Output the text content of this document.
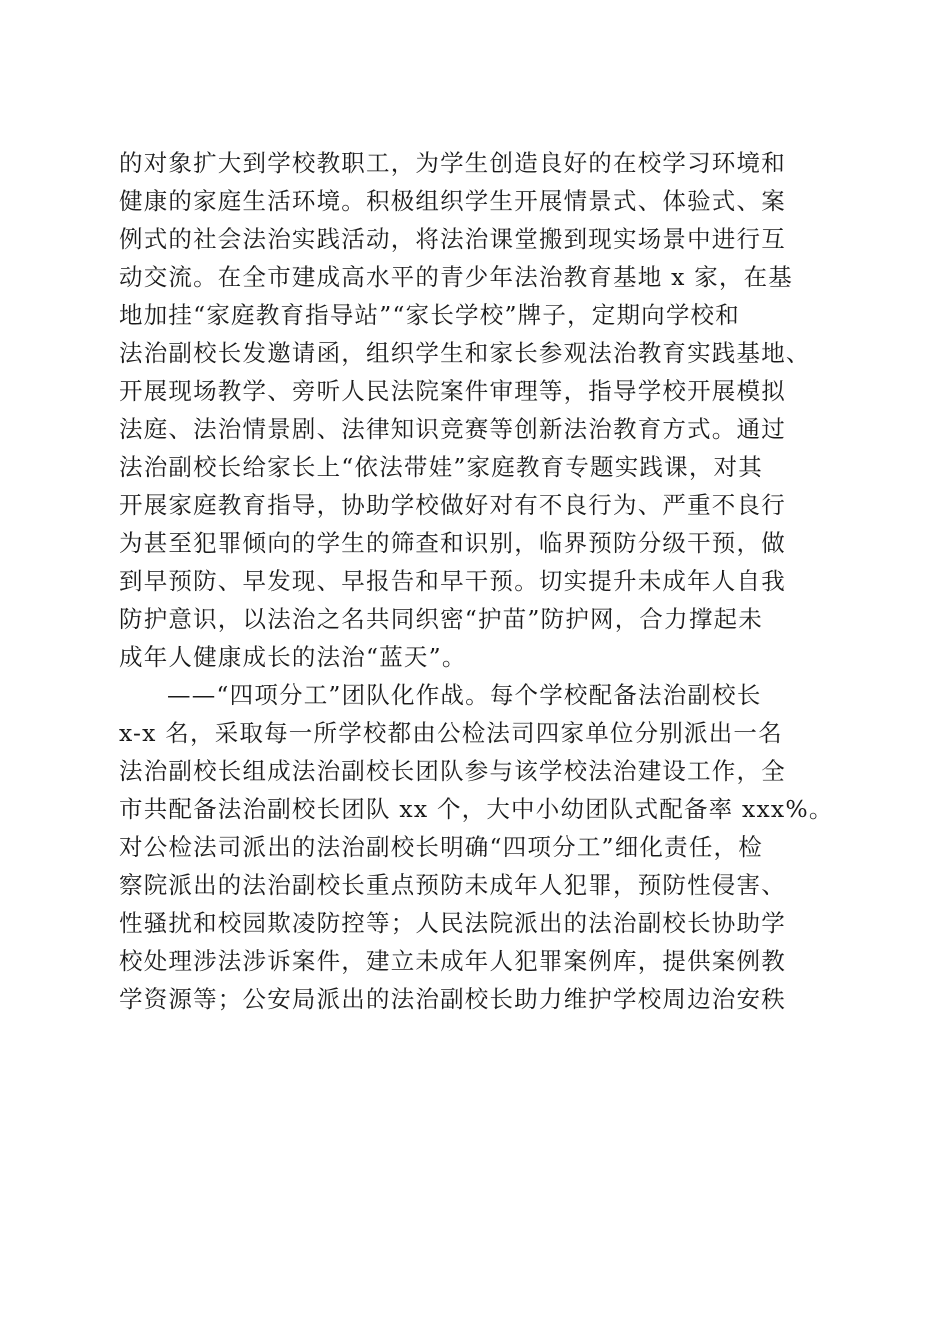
的对象扩大到学校教职工，为学生创造良好的在校学习环境和
健康的家庭生活环境。积极组织学生开展情景式、体验式、案
例式的社会法治实践活动，将法治课堂搬到现实场景中进行互
动交流。在全市建成高水平的青少年法治教育基地 x 家，在基
地加挂“家庭教育指导站”“家长学校”牌子，定期向学校和
法治副校长发邀请函，组织学生和家长参观法治教育实践基地、
开展现场教学、旁听人民法院案件审理等，指导学校开展模拟
法庭、法治情景剧、法律知识竞赛等创新法治教育方式。通过
法治副校长给家长上“依法带娃”家庭教育专题实践课，对其
开展家庭教育指导，协助学校做好对有不良行为、严重不良行
为甚至犯罪倾向的学生的筛查和识别，临界预防分级干预，做
到早预防、早发现、早报告和早干预。切实提升未成年人自我
防护意识，以法治之名共同织密“护苗”防护网，合力撑起未
成年人健康成长的法治“蓝天”。
——“四项分工”团队化作战。每个学校配备法治副校长
x-x 名，采取每一所学校都由公检法司四家单位分别派出一名
法治副校长组成法治副校长团队参与该学校法治建设工作，全
市共配备法治副校长团队 xx 个，大中小幼团队式配备率 xxx%。
对公检法司派出的法治副校长明确“四项分工”细化责任，检
察院派出的法治副校长重点预防未成年人犯罪，预防性侵害、
性骚扰和校园欺凌防控等；人民法院派出的法治副校长协助学
校处理涉法涉诉案件，建立未成年人犯罪案例库，提供案例教
学资源等；公安局派出的法治副校长助力维护学校周边治安秩
